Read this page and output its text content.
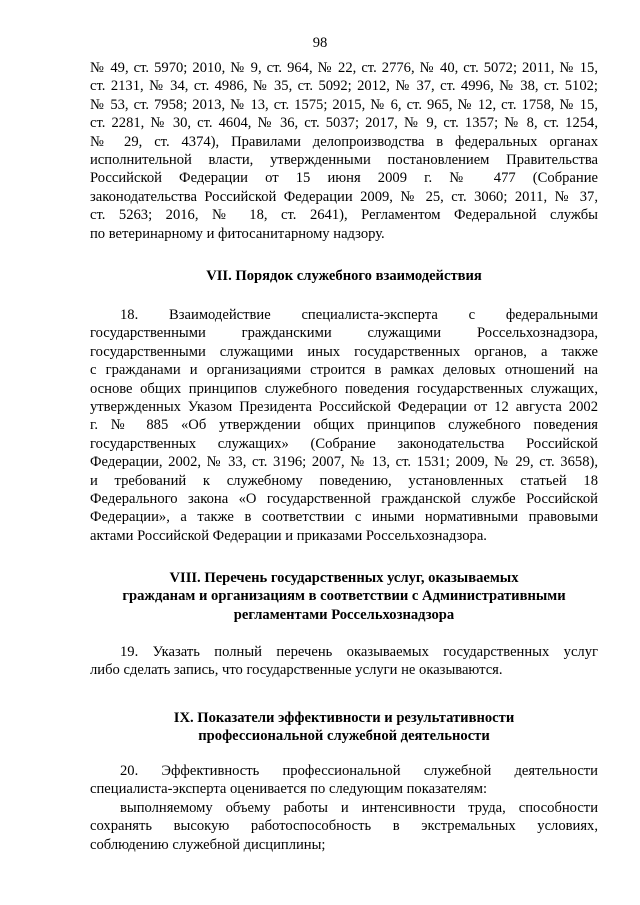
98

№ 49, ст. 5970; 2010, № 9, ст. 964, № 22, ст. 2776, № 40, ст. 5072; 2011, № 15,

ст. 2131, № 34, ст. 4986, № 35, ст. 5092; 2012, № 37, ст. 4996, № 38, ст. 5102;

№ 53, ст. 7958; 2013, № 13, ст. 1575; 2015, № 6, ст. 965, № 12, ст. 1758, № 15,

ст. 2281, № 30, ст. 4604, № 36, ст. 5037; 2017, № 9, ст. 1357; № 8, ст. 1254,

№ 29, ст. 4374), Правилами делопроизводства в федеральных органах

исполнительной власти, утвержденными постановлением Правительства

Российской Федерации от 15 июня 2009 г. № 477 (Собрание

законодательства Российской Федерации 2009, № 25, ст. 3060; 2011, № 37,

ст. 5263; 2016, № 18, ст. 2641), Регламентом Федеральной службы

по ветеринарному и фитосанитарному надзору.

VII. Порядок служебного взаимодействия

18. Взаимодействие специалиста-эксперта с федеральными

государственными гражданскими служащими Россельхознадзора,

государственными служащими иных государственных органов, а также

с гражданами и организациями строится в рамках деловых отношений на

основе общих принципов служебного поведения государственных служащих,

утвержденных Указом Президента Российской Федерации от 12 августа 2002

г. № 885 «Об утверждении общих принципов служебного поведения

государственных служащих» (Собрание законодательства Российской

Федерации, 2002, № 33, ст. 3196; 2007, № 13, ст. 1531; 2009, № 29, ст. 3658),

и требований к служебному поведению, установленных статьей 18

Федерального закона «О государственной гражданской службе Российской

Федерации», а также в соответствии с иными нормативными правовыми

актами Российской Федерации и приказами Россельхознадзора.

VIII. Перечень государственных услуг, оказываемых
гражданам и организациям в соответствии с Административными
регламентами Россельхознадзора

19. Указать полный перечень оказываемых государственных услуг

либо сделать запись, что государственные услуги не оказываются.

IX. Показатели эффективности и результативности
профессиональной служебной деятельности

20. Эффективность профессиональной служебной деятельности

специалиста-эксперта оценивается по следующим показателям:

выполняемому объему работы и интенсивности труда, способности

сохранять высокую работоспособность в экстремальных условиях,

соблюдению служебной дисциплины;
